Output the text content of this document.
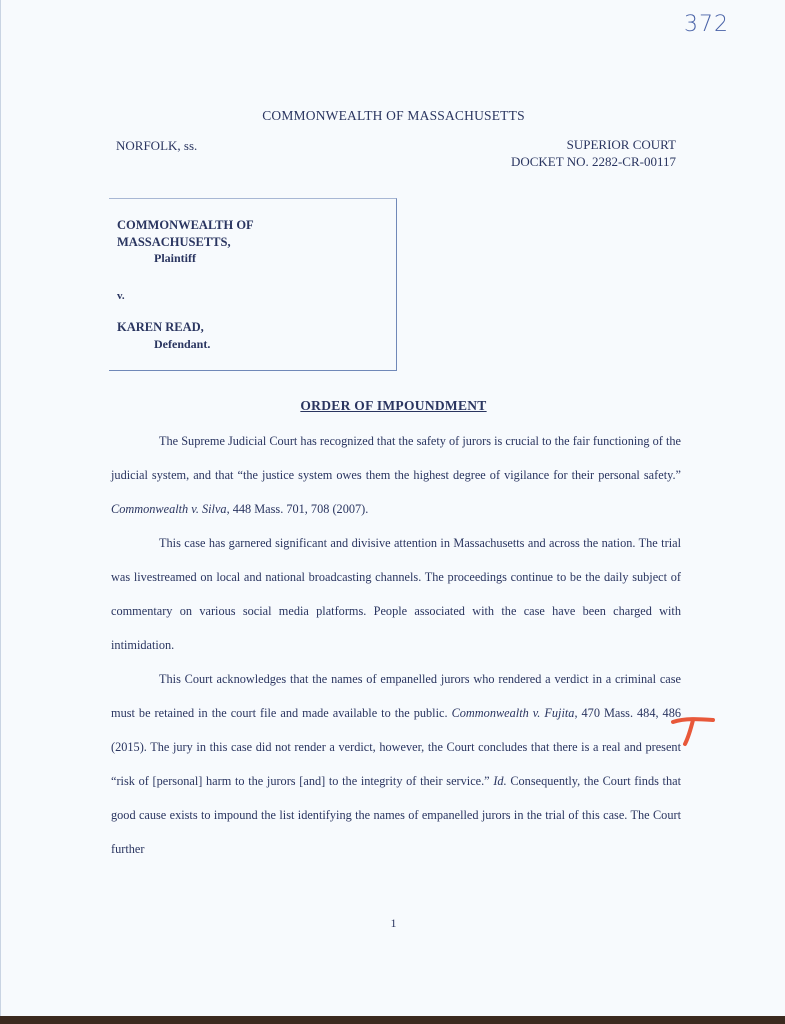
372
COMMONWEALTH OF MASSACHUSETTS
NORFOLK, ss.	SUPERIOR COURT
DOCKET NO. 2282-CR-00117
COMMONWEALTH OF
MASSACHUSETTS,
Plaintiff
v.
KAREN READ,
Defendant.
ORDER OF IMPOUNDMENT

The Supreme Judicial Court has recognized that the safety of jurors is crucial to the fair functioning of the judicial system, and that “the justice system owes them the highest degree of vigilance for their personal safety.” Commonwealth v. Silva, 448 Mass. 701, 708 (2007).

This case has garnered significant and divisive attention in Massachusetts and across the nation. The trial was livestreamed on local and national broadcasting channels. The proceedings continue to be the daily subject of commentary on various social media platforms. People associated with the case have been charged with intimidation.

This Court acknowledges that the names of empanelled jurors who rendered a verdict in a criminal case must be retained in the court file and made available to the public. Commonwealth v. Fujita, 470 Mass. 484, 486 (2015). The jury in this case did not render a verdict, however, the Court concludes that there is a real and present “risk of [personal] harm to the jurors [and] to the integrity of their service.” Id. Consequently, the Court finds that good cause exists to impound the list identifying the names of empanelled jurors in the trial of this case. The Court further

1
